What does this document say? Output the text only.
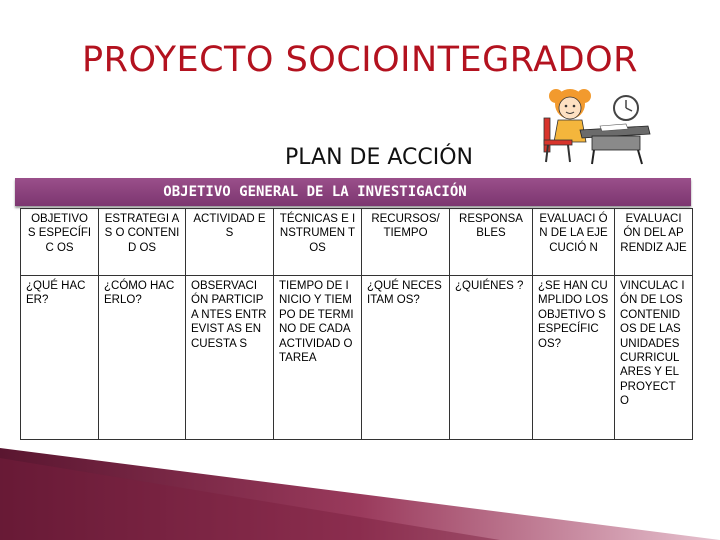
PROYECTO SOCIOINTEGRADOR
PLAN DE ACCIÓN
OBJETIVO GENERAL DE LA INVESTIGACIÓN
OBJETIVO S ESPECÍFIC OS	ESTRATEGI AS O CONTENID OS	ACTIVIDAD ES	TÉCNICAS E INSTRUMEN TOS	RECURSOS/ TIEMPO	RESPONSA BLES	EVALUACI ÓN DE LA EJECUCIÓ N	EVALUACI ÓN DEL APRENDIZ AJE
¿QUÉ HACER?	¿CÓMO HACERLO?	OBSERVACI ÓN PARTICIPA NTES ENTREVIST AS ENCUESTA S	TIEMPO DE INICIO Y TIEMPO DE TERMINO DE CADA ACTIVIDAD O TAREA	¿QUÉ NECESITAM OS?	¿QUIÉNES ?	¿SE HAN CUMPLIDO LOS OBJETIVO S ESPECÍFIC OS?	VINCULAC IÓN DE LOS CONTENID OS DE LAS UNIDADES CURRICUL ARES Y EL PROYECT O
